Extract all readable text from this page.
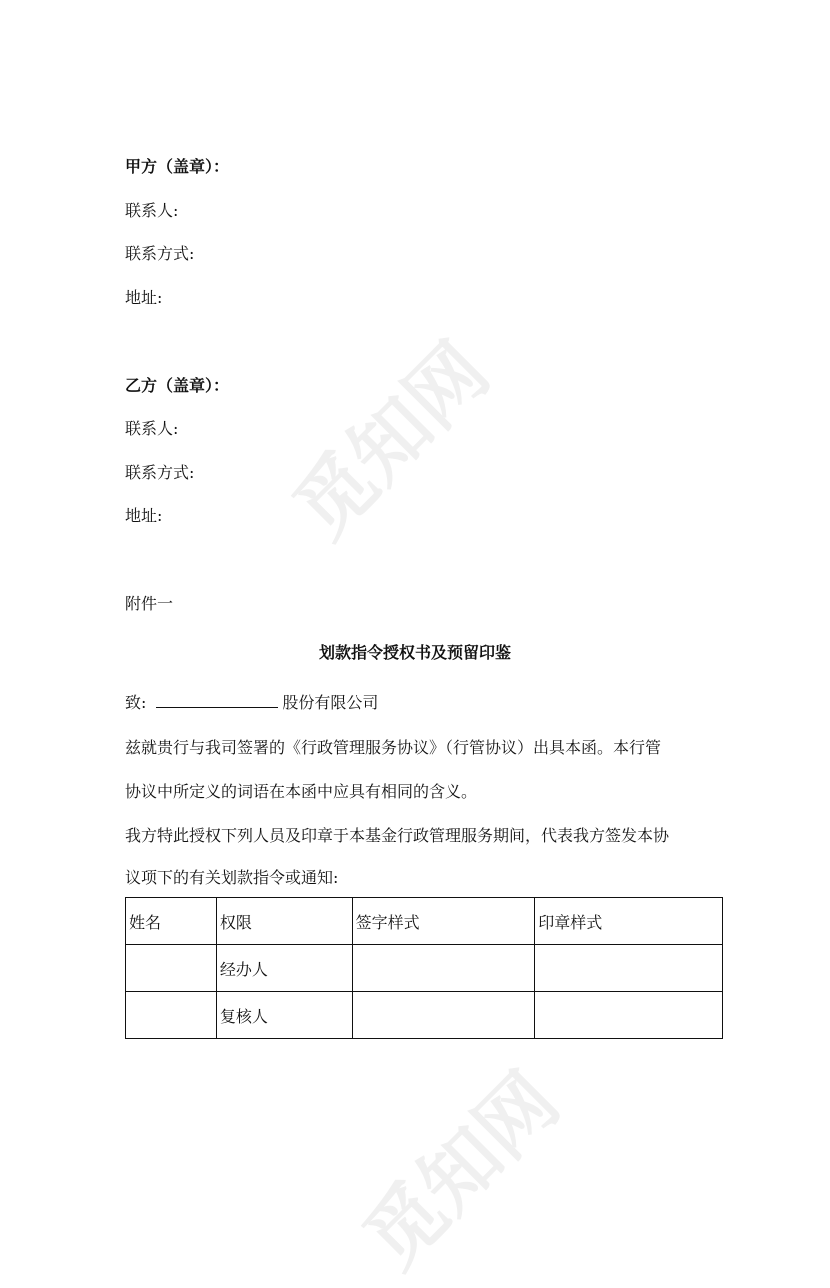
觅知网
觅知网
甲方（盖章）：
联系人:
联系方式:
地址:
乙方（盖章）：
联系人:
联系方式:
地址:
附件一
划款指令授权书及预留印鉴
致:	股份有限公司
兹就贵行与我司签署的《行政管理服务协议》（行管协议）出具本函。本行管
协议中所定义的词语在本函中应具有相同的含义。
我方特此授权下列人员及印章于本基金行政管理服务期间，代表我方签发本协
议项下的有关划款指令或通知:
姓名	权限	签字样式	印章样式
	经办人		
	复核人		
